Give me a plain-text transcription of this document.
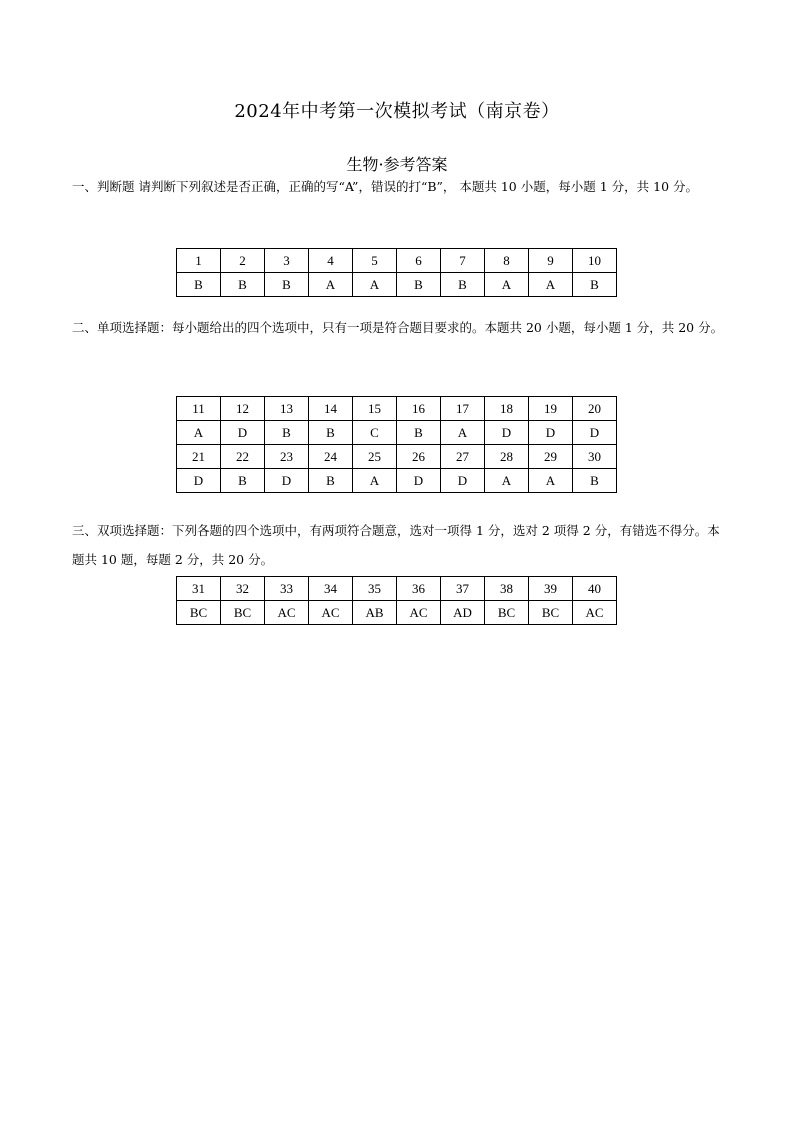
2024年中考第一次模拟考试（南京卷）
生物·参考答案
一、判断题 请判断下列叙述是否正确，正确的写“A”，错误的打“B”， 本题共 10 小题，每小题 1 分，共 10 分。
1	2	3	4	5	6	7	8	9	10
B	B	B	A	A	B	B	A	A	B
二、单项选择题：每小题给出的四个选项中，只有一项是符合题目要求的。本题共 20 小题，每小题 1 分，共 20 分。
11	12	13	14	15	16	17	18	19	20
A	D	B	B	C	B	A	D	D	D
21	22	23	24	25	26	27	28	29	30
D	B	D	B	A	D	D	A	A	B
三、双项选择题：下列各题的四个选项中，有两项符合题意，选对一项得 1 分，选对 2 项得 2 分，有错选不得分。本题共 10 题，每题 2 分，共 20 分。
31	32	33	34	35	36	37	38	39	40
BC	BC	AC	AC	AB	AC	AD	BC	BC	AC
